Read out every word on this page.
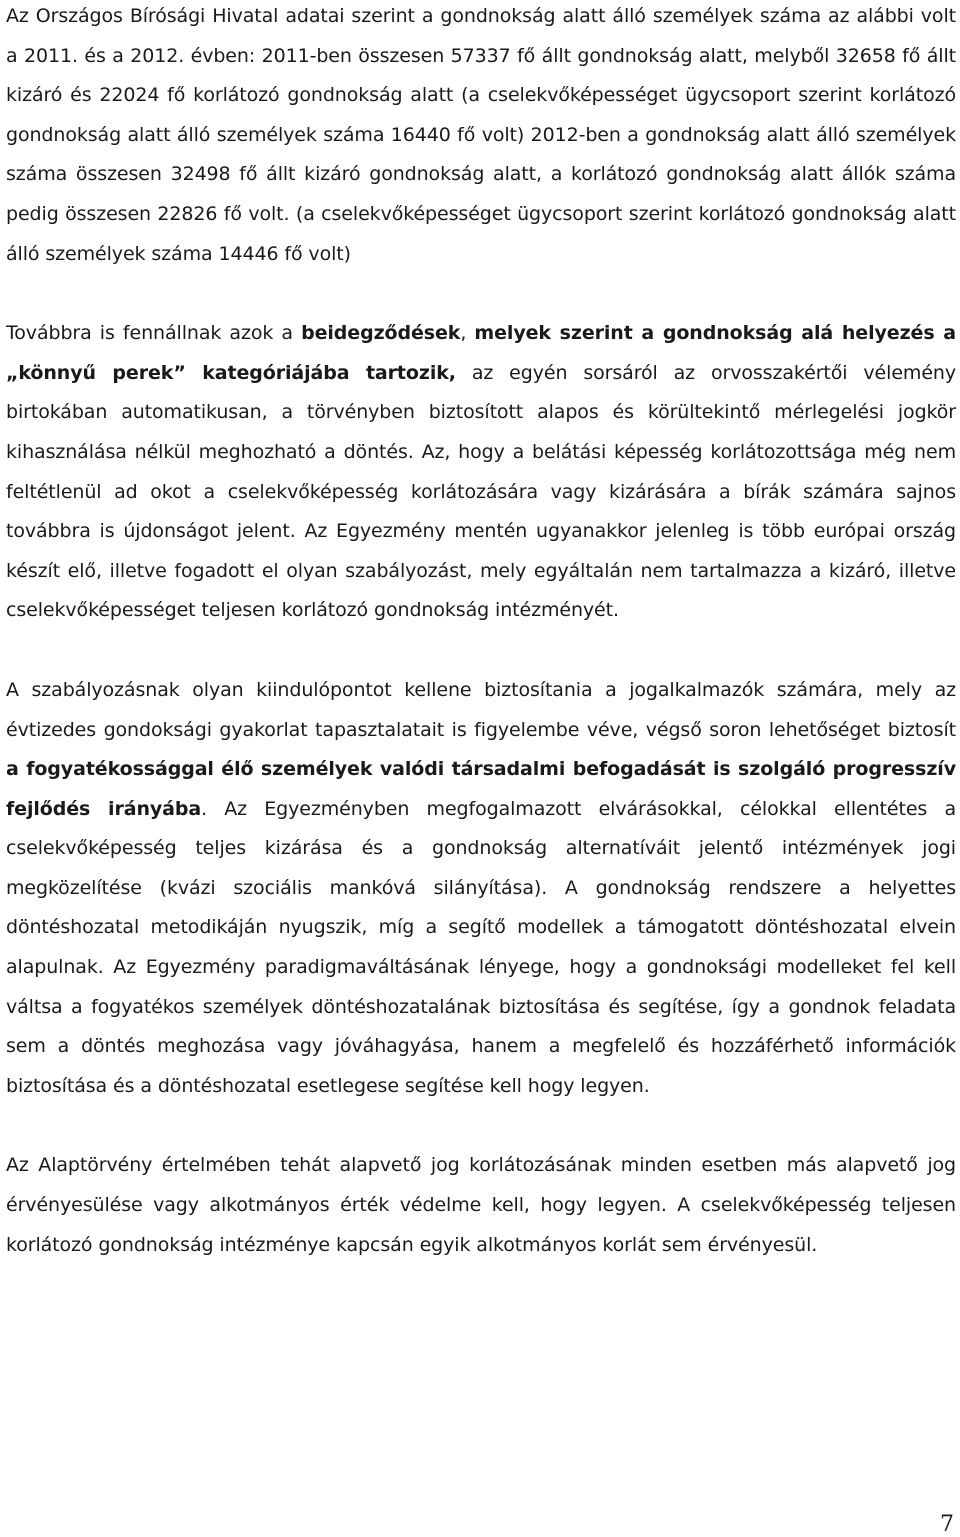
Az Országos Bírósági Hivatal adatai szerint a gondnokság alatt álló személyek száma az alábbi volt a 2011. és a 2012. évben: 2011-ben összesen 57337 fő állt gondnokság alatt, melyből 32658 fő állt kizáró és 22024 fő korlátozó gondnokság alatt (a cselekvőképességet ügycsoport szerint korlátozó gondnokság alatt álló személyek száma 16440 fő volt) 2012-ben a gondnokság alatt álló személyek száma összesen 32498 fő állt kizáró gondnokság alatt, a korlátozó gondnokság alatt állók száma pedig összesen 22826 fő volt. (a cselekvőképességet ügycsoport szerint korlátozó gondnokság alatt álló személyek száma 14446 fő volt)

Továbbra is fennállnak azok a beidegződések, melyek szerint a gondnokság alá helyezés a „könnyű perek” kategóriájába tartozik, az egyén sorsáról az orvosszakértői vélemény birtokában automatikusan, a törvényben biztosított alapos és körültekintő mérlegelési jogkör kihasználása nélkül meghozható a döntés. Az, hogy a belátási képesség korlátozottsága még nem feltétlenül ad okot a cselekvőképesség korlátozására vagy kizárására a bírák számára sajnos továbbra is újdonságot jelent. Az Egyezmény mentén ugyanakkor jelenleg is több európai ország készít elő, illetve fogadott el olyan szabályozást, mely egyáltalán nem tartalmazza a kizáró, illetve cselekvőképességet teljesen korlátozó gondnokság intézményét.

A szabályozásnak olyan kiindulópontot kellene biztosítania a jogalkalmazók számára, mely az évtizedes gondoksági gyakorlat tapasztalatait is figyelembe véve, végső soron lehetőséget biztosít a fogyatékossággal élő személyek valódi társadalmi befogadását is szolgáló progresszív fejlődés irányába. Az Egyezményben megfogalmazott elvárásokkal, célokkal ellentétes a cselekvőképesség teljes kizárása és a gondnokság alternatíváit jelentő intézmények jogi megközelítése (kvázi szociális mankóvá silányítása). A gondnokság rendszere a helyettes döntéshozatal metodikáján nyugszik, míg a segítő modellek a támogatott döntéshozatal elvein alapulnak. Az Egyezmény paradigmaváltásának lényege, hogy a gondnoksági modelleket fel kell váltsa a fogyatékos személyek döntéshozatalának biztosítása és segítése, így a gondnok feladata sem a döntés meghozása vagy jóváhagyása, hanem a megfelelő és hozzáférhető információk biztosítása és a döntéshozatal esetlegese segítése kell hogy legyen.

Az Alaptörvény értelmében tehát alapvető jog korlátozásának minden esetben más alapvető jog érvényesülése vagy alkotmányos érték védelme kell, hogy legyen. A cselekvőképesség teljesen korlátozó gondnokság intézménye kapcsán egyik alkotmányos korlát sem érvényesül.

7
